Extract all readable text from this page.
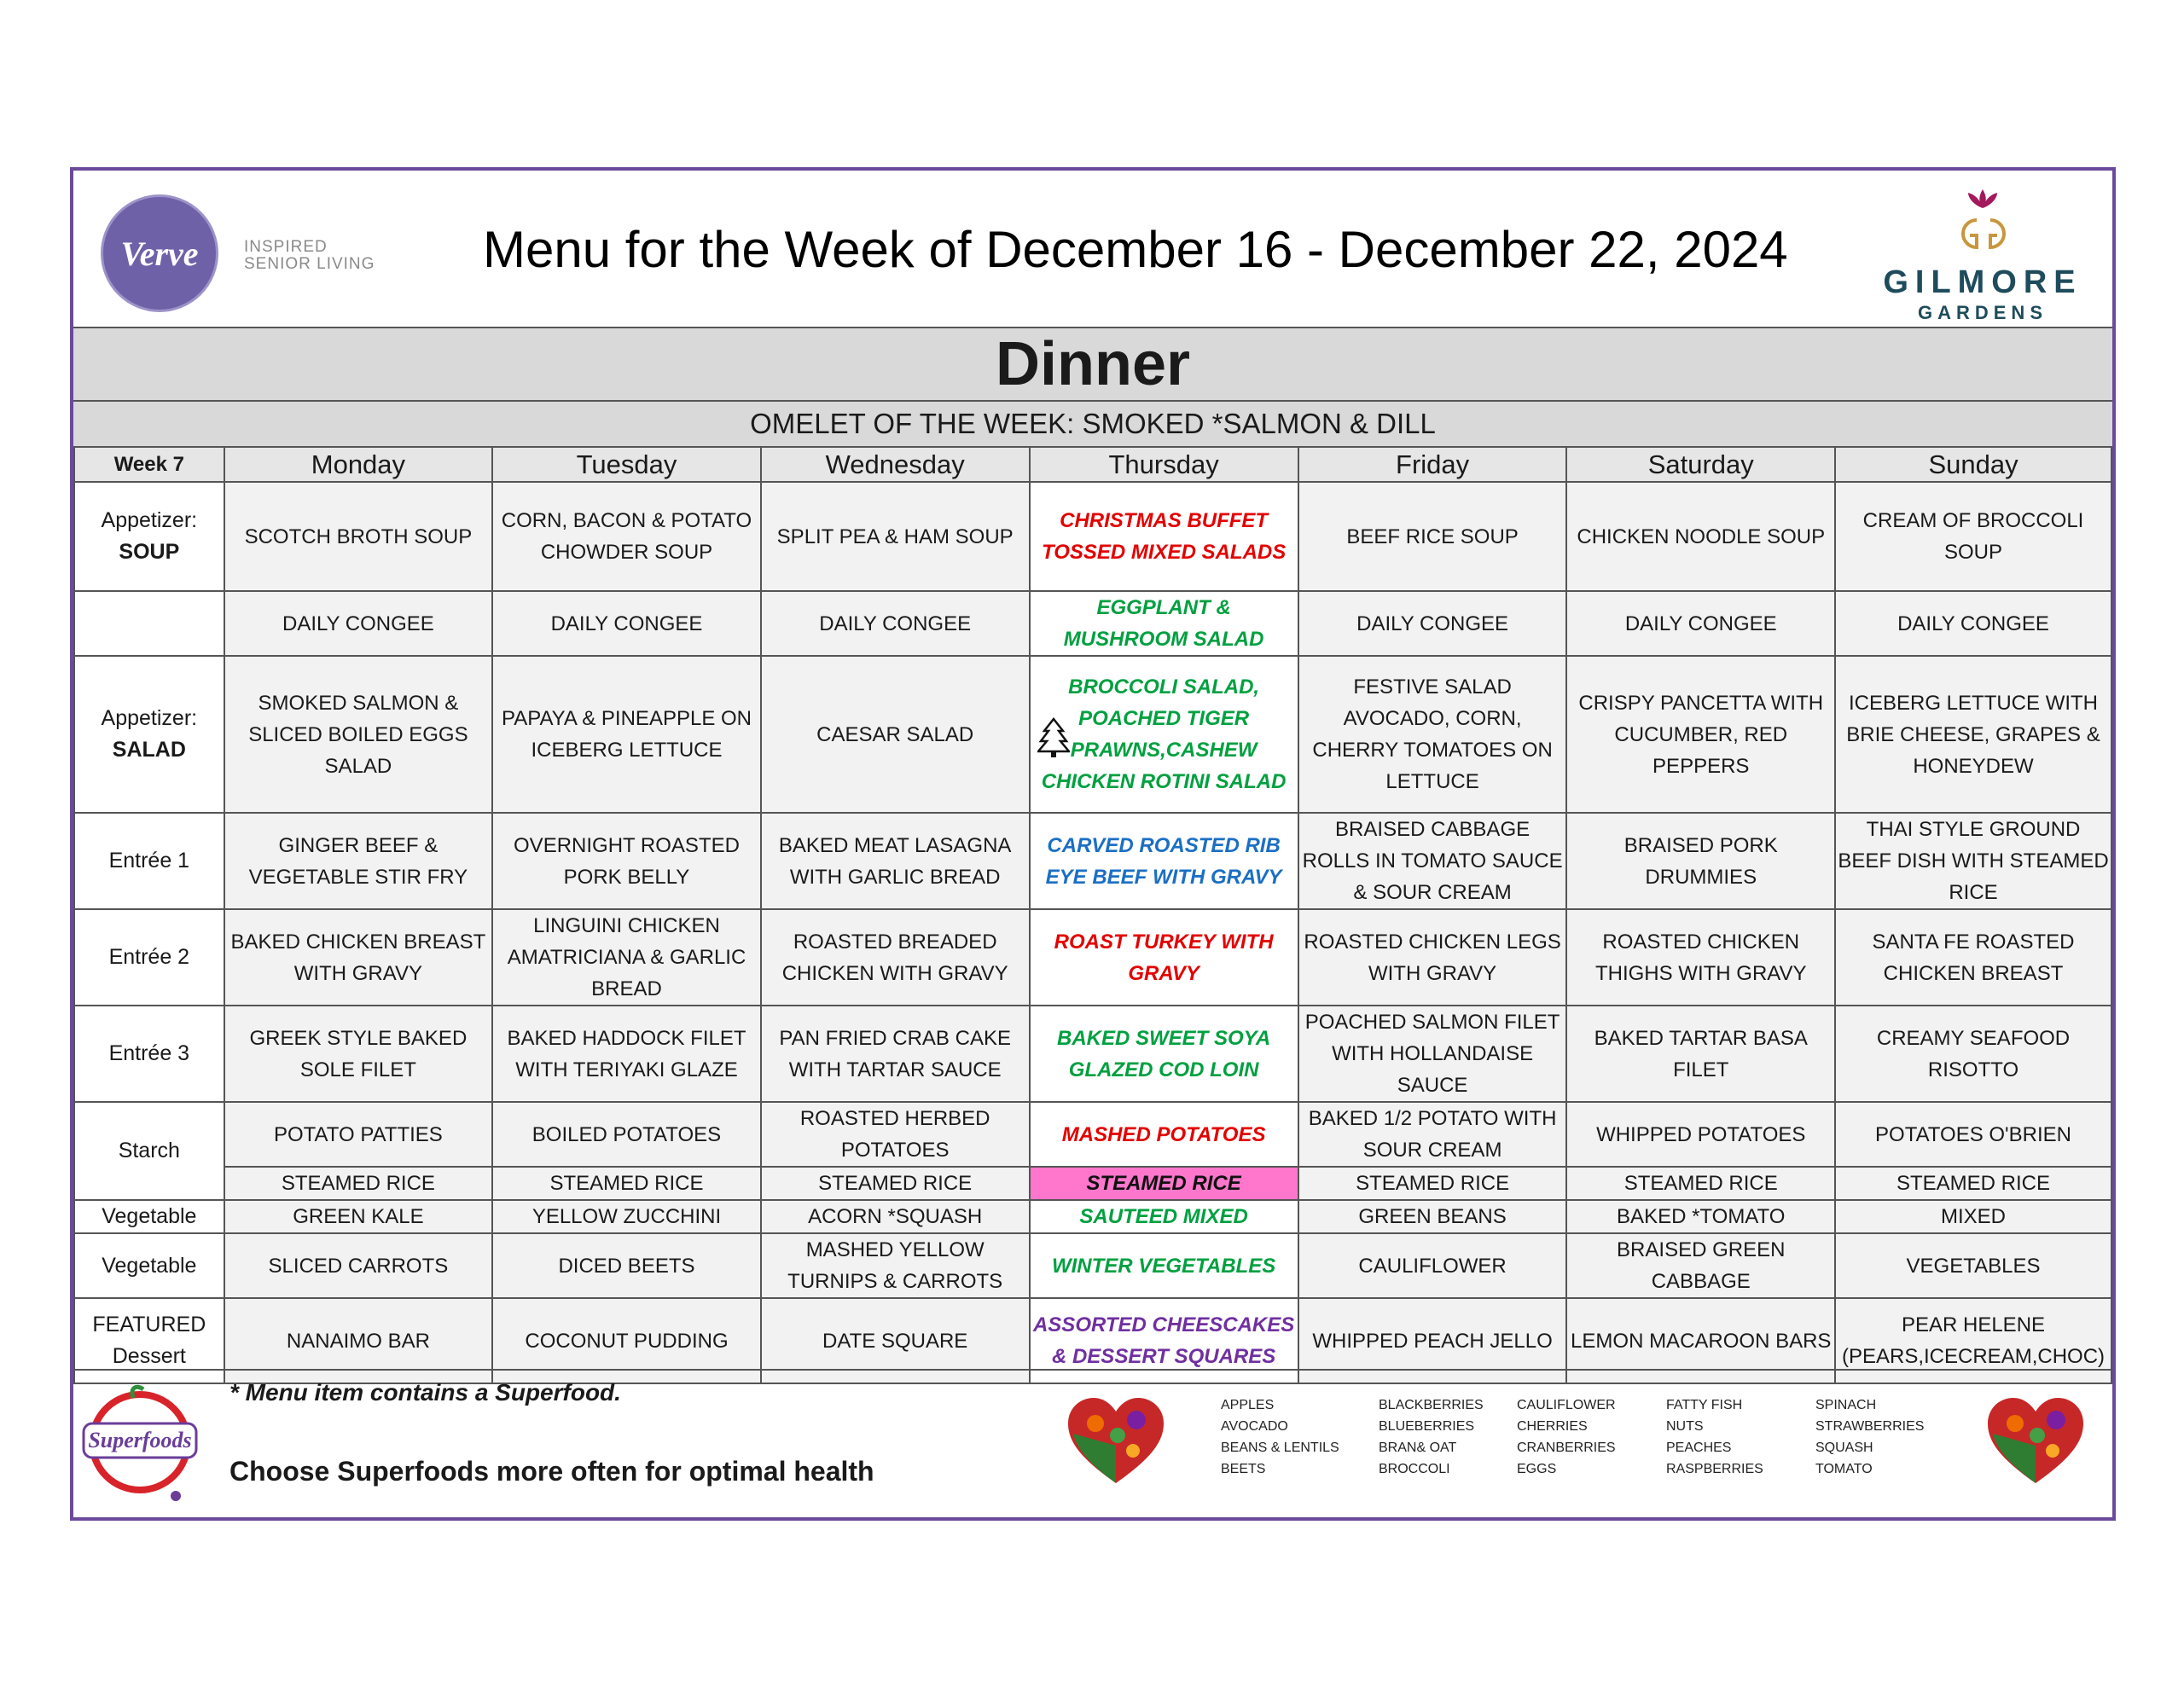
Verve	INSPIRED
SENIOR LIVING Menu for the Week of December 16 - December 22, 2024
GILMORE
GARDENS
Dinner
OMELET OF THE WEEK: SMOKED *SALMON & DILL
Week 7	Monday	Tuesday	Wednesday	Thursday	Friday	Saturday	Sunday

Appetizer:
SOUP	SCOTCH BROTH SOUP	CORN, BACON & POTATO CHOWDER SOUP	SPLIT PEA & HAM SOUP	CHRISTMAS BUFFET TOSSED MIXED SALADS	BEEF RICE SOUP	CHICKEN NOODLE SOUP	CREAM OF BROCCOLI SOUP
	DAILY CONGEE	DAILY CONGEE	DAILY CONGEE	EGGPLANT & MUSHROOM SALAD	DAILY CONGEE	DAILY CONGEE	DAILY CONGEE

Appetizer:
SALAD	SMOKED SALMON & SLICED BOILED EGGS SALAD	PAPAYA & PINEAPPLE ON ICEBERG LETTUCE	CAESAR SALAD	BROCCOLI SALAD, POACHED TIGER PRAWNS,CASHEW CHICKEN ROTINI SALAD	FESTIVE SALAD AVOCADO, CORN, CHERRY TOMATOES ON LETTUCE	CRISPY PANCETTA WITH CUCUMBER, RED PEPPERS	ICEBERG LETTUCE WITH BRIE CHEESE, GRAPES & HONEYDEW
Entrée 1	GINGER BEEF & VEGETABLE STIR FRY	OVERNIGHT ROASTED PORK BELLY	BAKED MEAT LASAGNA WITH GARLIC BREAD	CARVED ROASTED RIB EYE BEEF WITH GRAVY	BRAISED CABBAGE ROLLS IN TOMATO SAUCE & SOUR CREAM	BRAISED PORK DRUMMIES	THAI STYLE GROUND BEEF DISH WITH STEAMED RICE
Entrée 2	BAKED CHICKEN BREAST WITH GRAVY	LINGUINI CHICKEN AMATRICIANA & GARLIC BREAD	ROASTED BREADED CHICKEN WITH GRAVY	ROAST TURKEY WITH GRAVY	ROASTED CHICKEN LEGS WITH GRAVY	ROASTED CHICKEN THIGHS WITH GRAVY	SANTA FE ROASTED CHICKEN BREAST
Entrée 3	GREEK STYLE BAKED SOLE FILET	BAKED HADDOCK FILET WITH TERIYAKI GLAZE	PAN FRIED CRAB CAKE WITH TARTAR SAUCE	BAKED SWEET SOYA GLAZED COD LOIN	POACHED SALMON FILET WITH HOLLANDAISE SAUCE	BAKED TARTAR BASA FILET	CREAMY SEAFOOD RISOTTO
Starch	POTATO PATTIES	BOILED POTATOES	ROASTED HERBED POTATOES	MASHED POTATOES	BAKED 1/2 POTATO WITH SOUR CREAM	WHIPPED POTATOES	POTATOES O'BRIEN
	STEAMED RICE	STEAMED RICE	STEAMED RICE	STEAMED RICE	STEAMED RICE	STEAMED RICE	STEAMED RICE
Vegetable	GREEN KALE	YELLOW ZUCCHINI	ACORN *SQUASH	SAUTEED MIXED	GREEN BEANS	BAKED *TOMATO	MIXED
Vegetable	SLICED CARROTS	DICED BEETS	MASHED YELLOW TURNIPS & CARROTS	WINTER VEGETABLES	CAULIFLOWER	BRAISED GREEN CABBAGE	VEGETABLES

FEATURED
Dessert	NANAIMO BAR	COCONUT PUDDING	DATE SQUARE	ASSORTED CHEESCAKES & DESSERT SQUARES	WHIPPED PEACH JELLO	LEMON MACAROON BARS	PEAR HELENE (PEARS,ICECREAM,CHOC)
Superfoods
* Menu item contains a Superfood.
Choose Superfoods more often for optimal health
APPLES
AVOCADO
BEANS & LENTILS
BEETS
BLACKBERRIES
BLUEBERRIES
BRAN& OAT
BROCCOLI
CAULIFLOWER
CHERRIES
CRANBERRIES
EGGS
FATTY FISH
NUTS
PEACHES
RASPBERRIES
SPINACH
STRAWBERRIES
SQUASH
TOMATO
